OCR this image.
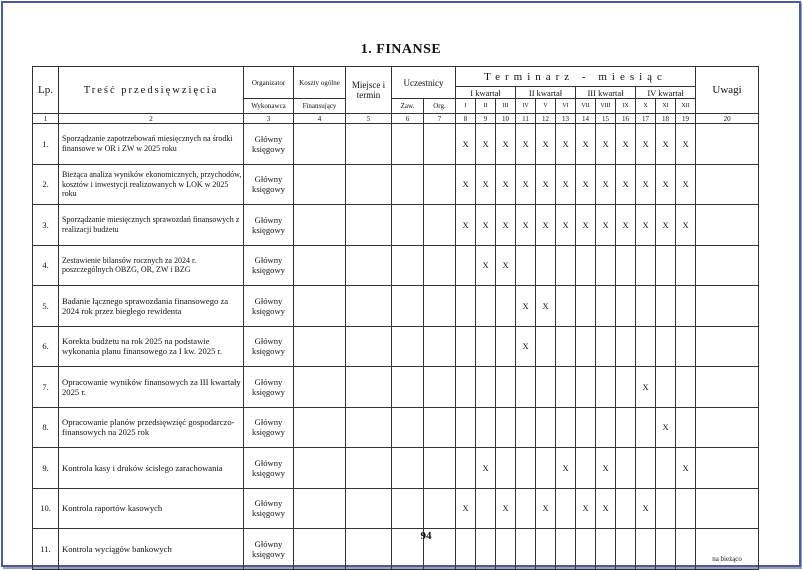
1. FINANSE
Lp.	Treść przedsięwzięcia	Organizator	Koszty ogólne	Miejsce i termin	Uczestnicy		Terminarz - miesiąc												Uwagi
							I kwartał			II kwartał			III kwartał			IV kwartał			
		Wykonawca	Finansujący		Zaw.	Org.	I	II	III	IV	V	VI	VII	VIII	IX	X	XI	XII	
1	2	3	4	5	6	7	8	9	10	11	12	13	14	15	16	17	18	19	20
1.	Sporządzanie zapotrzebowań miesięcznych na środki finansowe w OR i ZW w 2025 roku	Główny księgowy					X	X	X	X	X	X	X	X	X	X	X	X	
2.	Bieżąca analiza wyników ekonomicznych, przychodów, kosztów i inwestycji realizowanych w LOK w 2025 roku	Główny księgowy					X	X	X	X	X	X	X	X	X	X	X	X	
3.	Sporządzanie miesięcznych sprawozdań finansowych z realizacji budżetu	Główny księgowy					X	X	X	X	X	X	X	X	X	X	X	X	
4.	Zestawienie bilansów rocznych za 2024 r. poszczególnych OBZG, OR, ZW i BZG	Główny księgowy						X	X										
5.	Badanie łącznego sprawozdania finansowego za 2024 rok przez biegłego rewidenta	Główny księgowy								X	X								
6.	Korekta budżetu na rok 2025 na podstawie wykonania planu finansowego za I kw. 2025 r.	Główny księgowy								X									
7.	Opracowanie wyników finansowych za III kwartały 2025 r.	Główny księgowy														X			
8.	Opracowanie planów przedsięwzięć gospodarczo-finansowych na 2025 rok	Główny księgowy															X		
9.	Kontrola kasy i druków ścisłego zarachowania	Główny księgowy						X				X		X				X	
10.	Kontrola raportów kasowych	Główny księgowy					X		X		X		X	X		X			
11.	Kontrola wyciągów bankowych	Główny księgowy																	na bieżąco
94
